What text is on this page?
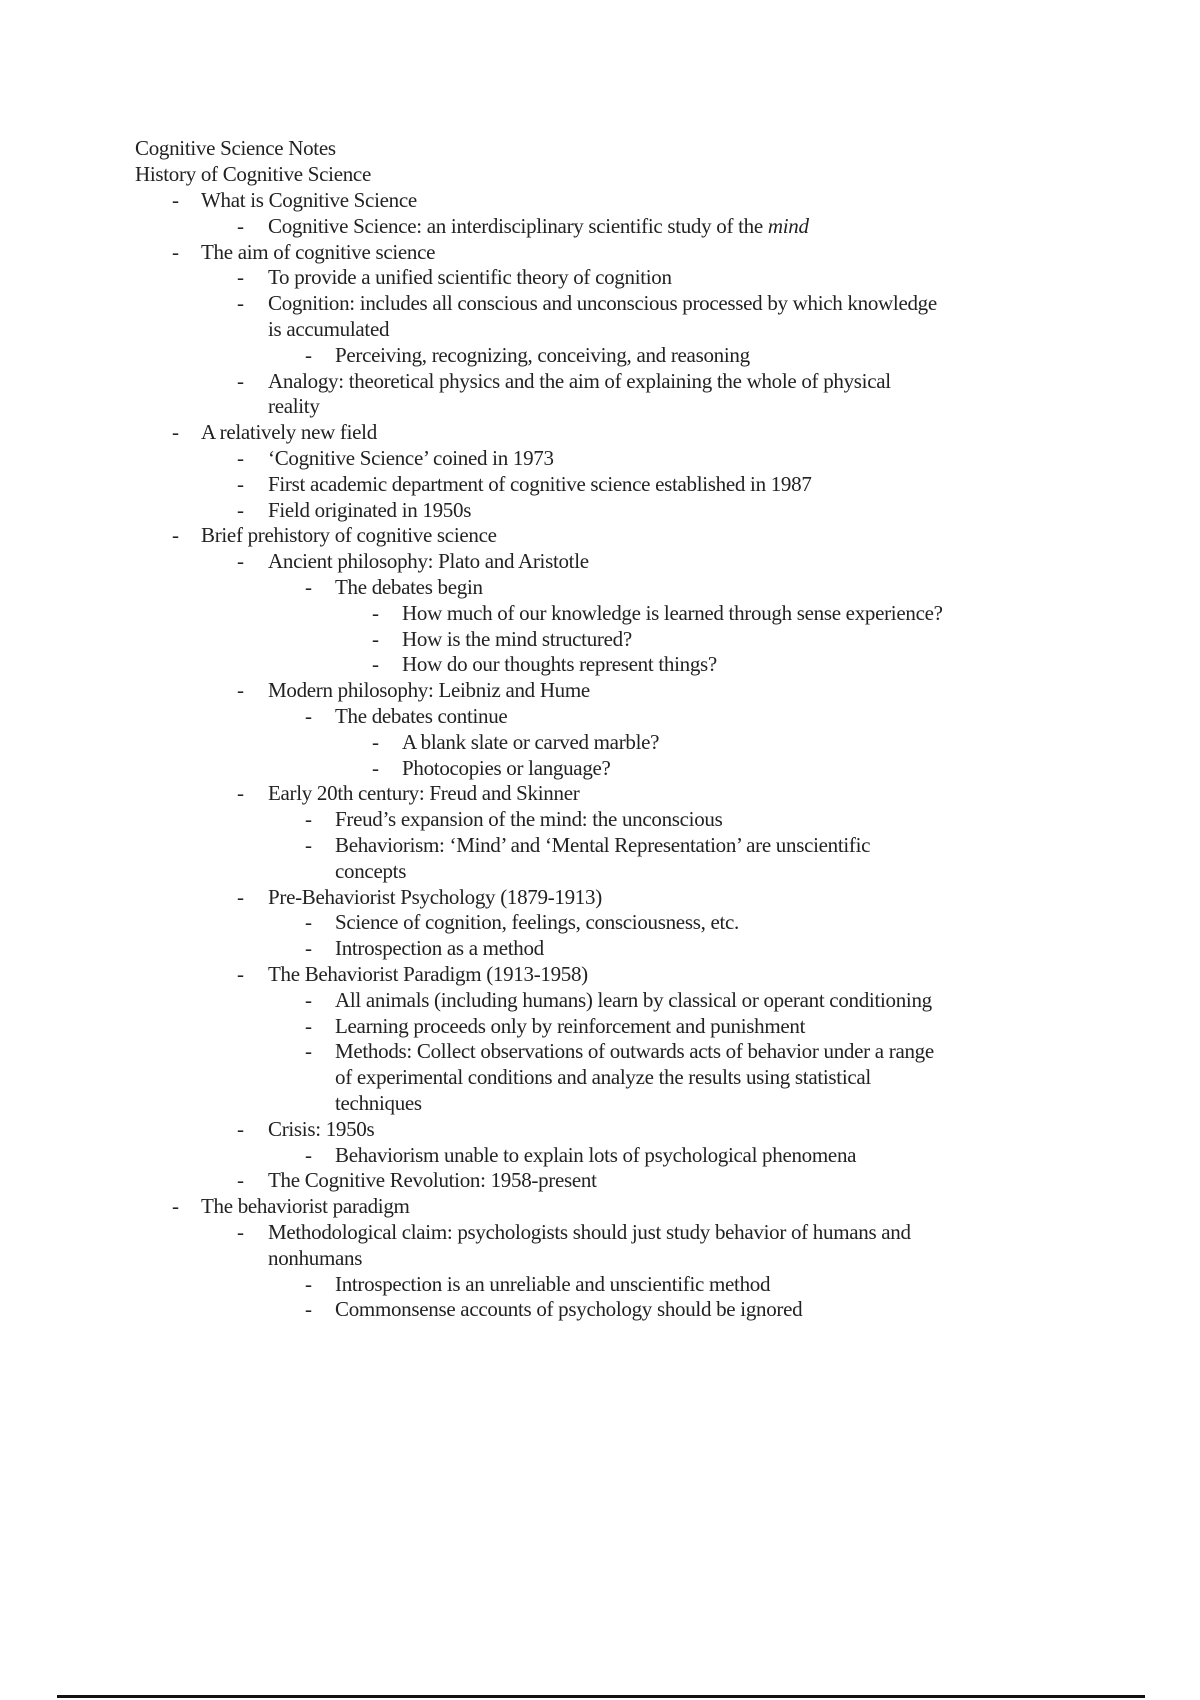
Cognitive Science Notes
History of Cognitive Science
- What is Cognitive Science
- Cognitive Science: an interdisciplinary scientific study of the mind
- The aim of cognitive science
- To provide a unified scientific theory of cognition
- Cognition: includes all conscious and unconscious processed by which knowledge
is accumulated
- Perceiving, recognizing, conceiving, and reasoning
- Analogy: theoretical physics and the aim of explaining the whole of physical
reality
- A relatively new field
- ‘Cognitive Science’ coined in 1973
- First academic department of cognitive science established in 1987
- Field originated in 1950s
- Brief prehistory of cognitive science
- Ancient philosophy: Plato and Aristotle
- The debates begin
- How much of our knowledge is learned through sense experience?
- How is the mind structured?
- How do our thoughts represent things?
- Modern philosophy: Leibniz and Hume
- The debates continue
- A blank slate or carved marble?
- Photocopies or language?
- Early 20th century: Freud and Skinner
- Freud’s expansion of the mind: the unconscious
- Behaviorism: ‘Mind’ and ‘Mental Representation’ are unscientific
concepts
- Pre-Behaviorist Psychology (1879-1913)
- Science of cognition, feelings, consciousness, etc.
- Introspection as a method
- The Behaviorist Paradigm (1913-1958)
- All animals (including humans) learn by classical or operant conditioning
- Learning proceeds only by reinforcement and punishment
- Methods: Collect observations of outwards acts of behavior under a range
of experimental conditions and analyze the results using statistical
techniques
- Crisis: 1950s
- Behaviorism unable to explain lots of psychological phenomena
- The Cognitive Revolution: 1958-present
- The behaviorist paradigm
- Methodological claim: psychologists should just study behavior of humans and
nonhumans
- Introspection is an unreliable and unscientific method
- Commonsense accounts of psychology should be ignored
